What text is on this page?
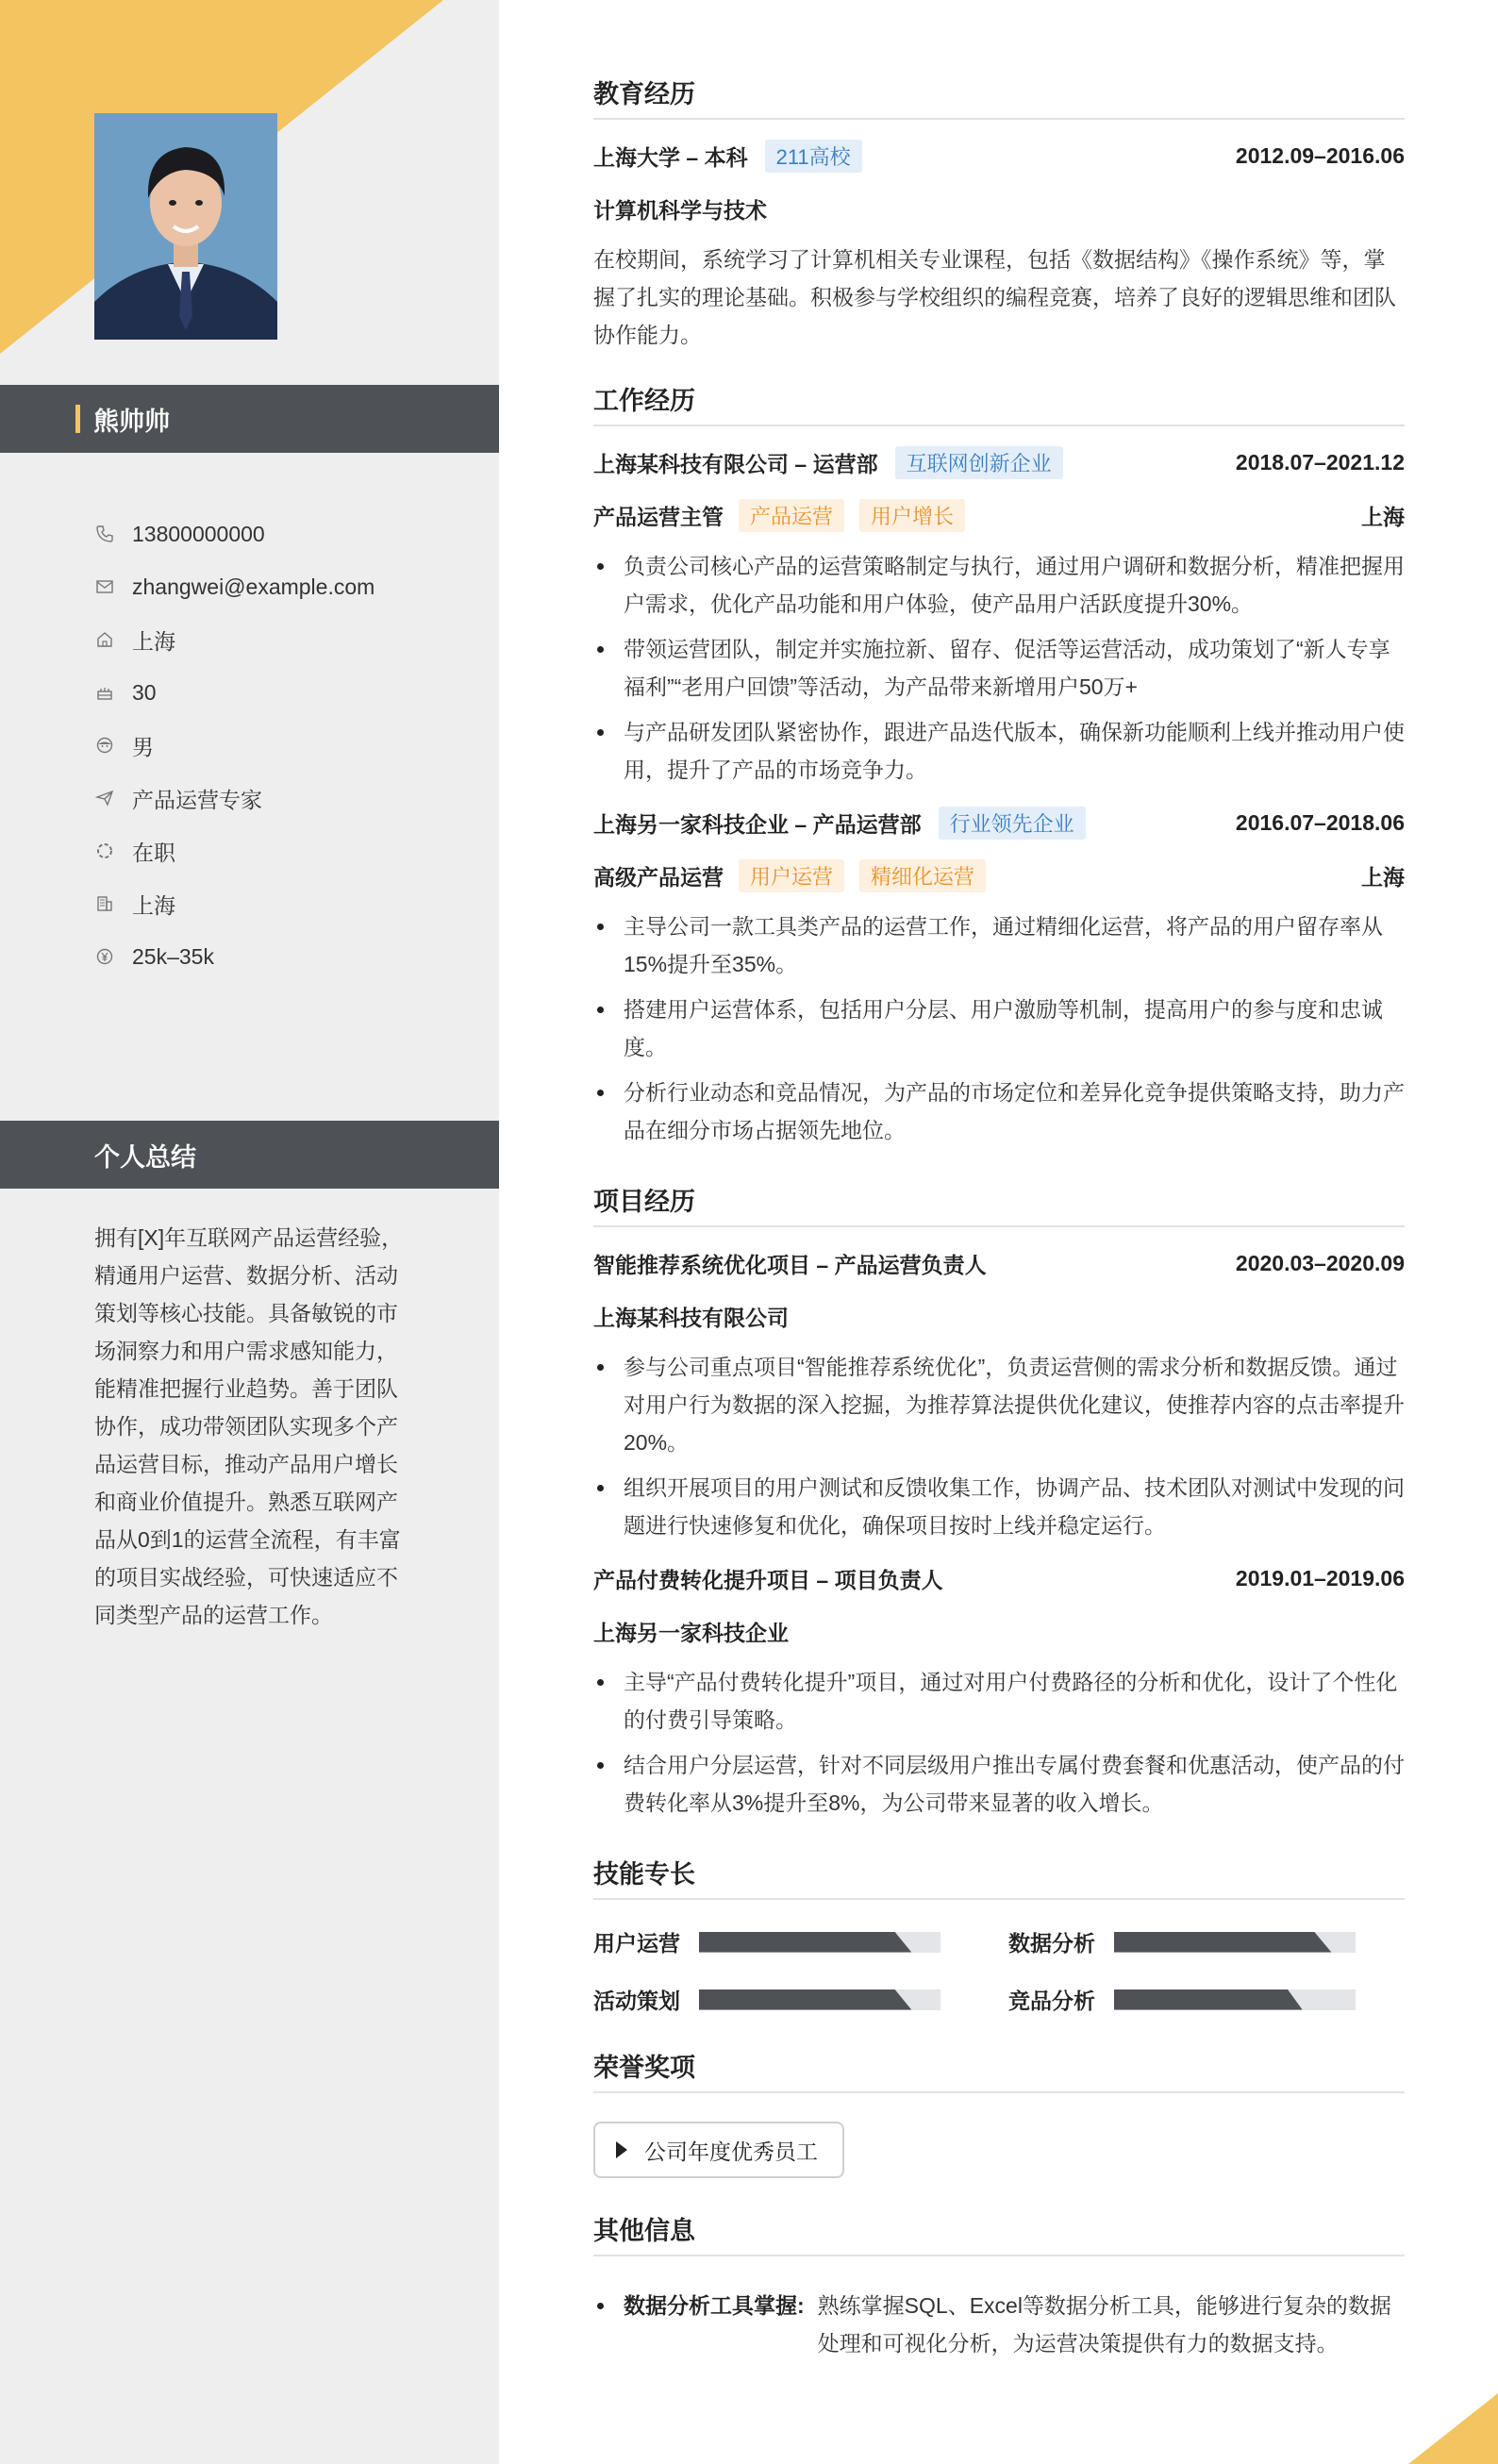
熊帅帅
13800000000
zhangwei@example.com
上海
30
男
产品运营专家
在职
上海
25k–35k
个人总结

拥有[X]年互联网产品运营经验，精通用户运营、数据分析、活动策划等核心技能。具备敏锐的市场洞察力和用户需求感知能力，能精准把握行业趋势。善于团队协作，成功带领团队实现多个产品运营目标，推动产品用户增长和商业价值提升。熟悉互联网产品从0到1的运营全流程，有丰富的项目实战经验，可快速适应不同类型产品的运营工作。

教育经历
上海大学 – 本科	211高校	2012.09–2016.06
计算机科学与技术

在校期间，系统学习了计算机相关专业课程，包括《数据结构》《操作系统》等，掌握了扎实的理论基础。积极参与学校组织的编程竞赛，培养了良好的逻辑思维和团队协作能力。

工作经历
上海某科技有限公司 – 运营部	互联网创新企业	2018.07–2021.12
产品运营主管	产品运营	用户增长	上海
负责公司核心产品的运营策略制定与执行，通过用户调研和数据分析，精准把握用户需求，优化产品功能和用户体验，使产品用户活跃度提升30%。
带领运营团队，制定并实施拉新、留存、促活等运营活动，成功策划了“新人专享福利”“老用户回馈”等活动，为产品带来新增用户50万+
与产品研发团队紧密协作，跟进产品迭代版本，确保新功能顺利上线并推动用户使用，提升了产品的市场竞争力。
上海另一家科技企业 – 产品运营部	行业领先企业	2016.07–2018.06
高级产品运营	用户运营	精细化运营	上海
主导公司一款工具类产品的运营工作，通过精细化运营，将产品的用户留存率从15%提升至35%。
搭建用户运营体系，包括用户分层、用户激励等机制，提高用户的参与度和忠诚度。
分析行业动态和竞品情况，为产品的市场定位和差异化竞争提供策略支持，助力产品在细分市场占据领先地位。
项目经历
智能推荐系统优化项目 – 产品运营负责人	2020.03–2020.09
上海某科技有限公司
参与公司重点项目“智能推荐系统优化”，负责运营侧的需求分析和数据反馈。通过对用户行为数据的深入挖掘，为推荐算法提供优化建议，使推荐内容的点击率提升20%。
组织开展项目的用户测试和反馈收集工作，协调产品、技术团队对测试中发现的问题进行快速修复和优化，确保项目按时上线并稳定运行。
产品付费转化提升项目 – 项目负责人	2019.01–2019.06
上海另一家科技企业
主导“产品付费转化提升”项目，通过对用户付费路径的分析和优化，设计了个性化的付费引导策略。
结合用户分层运营，针对不同层级用户推出专属付费套餐和优惠活动，使产品的付费转化率从3%提升至8%，为公司带来显著的收入增长。
技能专长
用户运营	数据分析
活动策划	竞品分析
荣誉奖项
公司年度优秀员工
其他信息
数据分析工具掌握: 熟练掌握SQL、Excel等数据分析工具，能够进行复杂的数据处理和可视化分析，为运营决策提供有力的数据支持。
